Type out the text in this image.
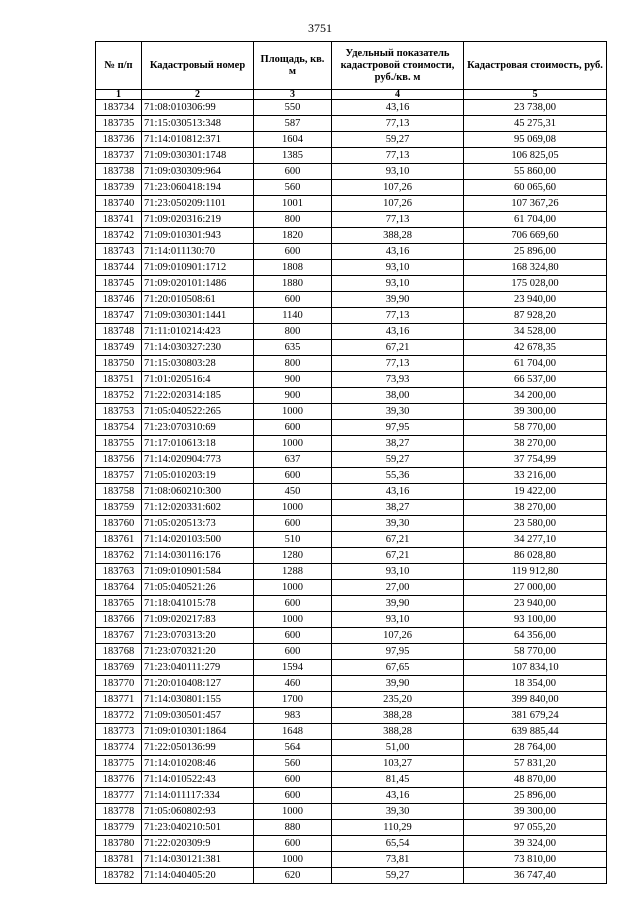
3751
№ п/п	Кадастровый номер	Площадь, кв. м	Удельный показатель кадастровой стоимости, руб./кв. м	Кадастровая стоимость, руб.
1	2	3	4	5
183734	71:08:010306:99	550	43,16	23 738,00
183735	71:15:030513:348	587	77,13	45 275,31
183736	71:14:010812:371	1604	59,27	95 069,08
183737	71:09:030301:1748	1385	77,13	106 825,05
183738	71:09:030309:964	600	93,10	55 860,00
183739	71:23:060418:194	560	107,26	60 065,60
183740	71:23:050209:1101	1001	107,26	107 367,26
183741	71:09:020316:219	800	77,13	61 704,00
183742	71:09:010301:943	1820	388,28	706 669,60
183743	71:14:011130:70	600	43,16	25 896,00
183744	71:09:010901:1712	1808	93,10	168 324,80
183745	71:09:020101:1486	1880	93,10	175 028,00
183746	71:20:010508:61	600	39,90	23 940,00
183747	71:09:030301:1441	1140	77,13	87 928,20
183748	71:11:010214:423	800	43,16	34 528,00
183749	71:14:030327:230	635	67,21	42 678,35
183750	71:15:030803:28	800	77,13	61 704,00
183751	71:01:020516:4	900	73,93	66 537,00
183752	71:22:020314:185	900	38,00	34 200,00
183753	71:05:040522:265	1000	39,30	39 300,00
183754	71:23:070310:69	600	97,95	58 770,00
183755	71:17:010613:18	1000	38,27	38 270,00
183756	71:14:020904:773	637	59,27	37 754,99
183757	71:05:010203:19	600	55,36	33 216,00
183758	71:08:060210:300	450	43,16	19 422,00
183759	71:12:020331:602	1000	38,27	38 270,00
183760	71:05:020513:73	600	39,30	23 580,00
183761	71:14:020103:500	510	67,21	34 277,10
183762	71:14:030116:176	1280	67,21	86 028,80
183763	71:09:010901:584	1288	93,10	119 912,80
183764	71:05:040521:26	1000	27,00	27 000,00
183765	71:18:041015:78	600	39,90	23 940,00
183766	71:09:020217:83	1000	93,10	93 100,00
183767	71:23:070313:20	600	107,26	64 356,00
183768	71:23:070321:20	600	97,95	58 770,00
183769	71:23:040111:279	1594	67,65	107 834,10
183770	71:20:010408:127	460	39,90	18 354,00
183771	71:14:030801:155	1700	235,20	399 840,00
183772	71:09:030501:457	983	388,28	381 679,24
183773	71:09:010301:1864	1648	388,28	639 885,44
183774	71:22:050136:99	564	51,00	28 764,00
183775	71:14:010208:46	560	103,27	57 831,20
183776	71:14:010522:43	600	81,45	48 870,00
183777	71:14:011117:334	600	43,16	25 896,00
183778	71:05:060802:93	1000	39,30	39 300,00
183779	71:23:040210:501	880	110,29	97 055,20
183780	71:22:020309:9	600	65,54	39 324,00
183781	71:14:030121:381	1000	73,81	73 810,00
183782	71:14:040405:20	620	59,27	36 747,40
